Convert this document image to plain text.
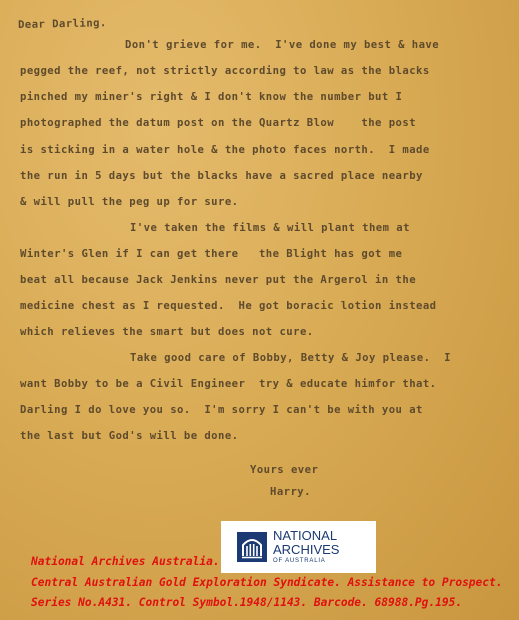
Dear Darling.
Don't grieve for me.  I've done my best & have
pegged the reef, not strictly according to law as the blacks
pinched my miner's right & I don't know the number but I
photographed the datum post on the Quartz Blow    the post
is sticking in a water hole & the photo faces north.  I made
the run in 5 days but the blacks have a sacred place nearby
& will pull the peg up for sure.
I've taken the films & will plant them at
Winter's Glen if I can get there   the Blight has got me
beat all because Jack Jenkins never put the Argerol in the
medicine chest as I requested.  He got boracic lotion instead
which relieves the smart but does not cure.
Take good care of Bobby, Betty & Joy please.  I
want Bobby to be a Civil Engineer  try & educate himfor that.
Darling I do love you so.  I'm sorry I can't be with you at
the last but God's will be done.
Yours ever
Harry.
NATIONAL
ARCHIVES
OF AUSTRALIA
National Archives Australia.
Central Australian Gold Exploration Syndicate. Assistance to Prospect.
Series No.A431. Control Symbol.1948/1143. Barcode. 68988.Pg.195.
